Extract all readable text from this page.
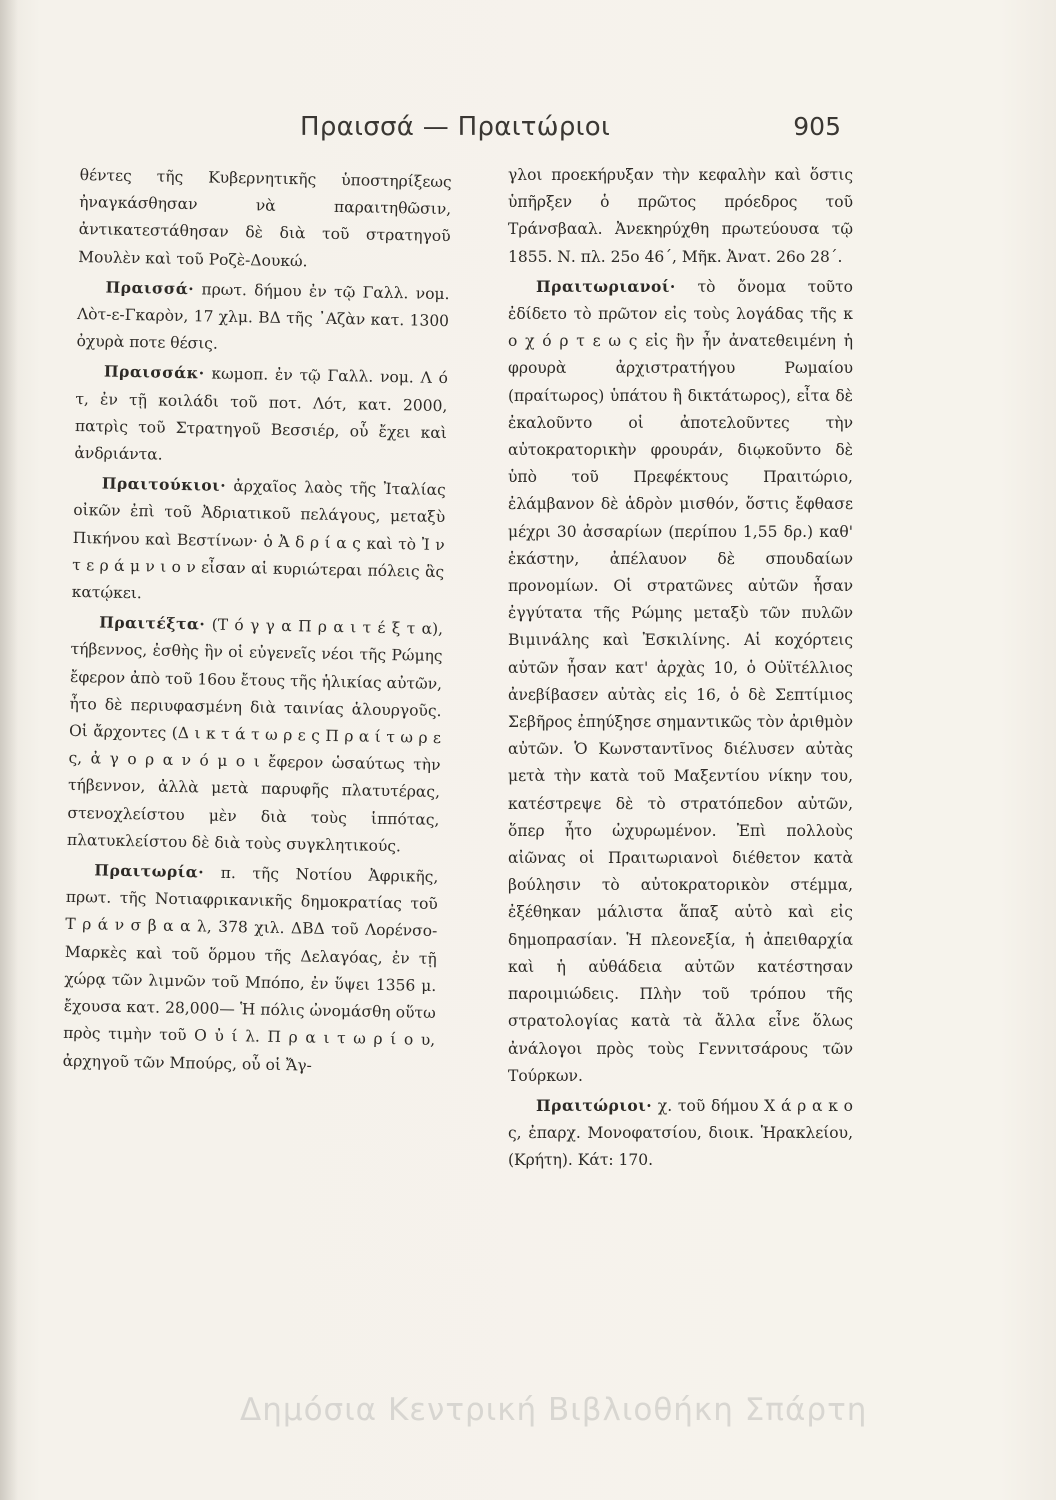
Πραισσά — Πραιτώριοι	905

θέντες τῆς Κυβερνητικῆς ὑποστηρίξεως ἠναγκάσθησαν νὰ παραιτηθῶσιν, ἀντικατεστάθησαν δὲ διὰ τοῦ στρατηγοῦ Μουλὲν καὶ τοῦ Ροζὲ-Δουκώ.

Πραισσά· πρωτ. δήμου ἐν τῷ Γαλλ. νομ. Λὸτ-ε-Γκαρὸν, 17 χλμ. ΒΔ τῆς ᾿Αζὰν κατ. 1300 ὀχυρὰ ποτε θέσις.

Πραισσάκ· κωμοπ. ἐν τῷ Γαλλ. νομ. Λ ό τ, ἐν τῇ κοιλάδι τοῦ ποτ. Λότ, κατ. 2000, πατρὶς τοῦ Στρατηγοῦ Βεσσιέρ, οὗ ἔχει καὶ ἀνδριάντα.

Πραιτούκιοι· ἀρχαῖος λαὸς τῆς Ἰταλίας οἰκῶν ἐπὶ τοῦ Ἀδριατικοῦ πελάγους, μεταξὺ Πικήνου καὶ Βεστίνων· ὁ Ἀ δ ρ ί α ς καὶ τὸ Ἰ ν τ ε ρ ά μ ν ι ο ν εἶσαν αἱ κυριώτεραι πόλεις ἃς κατῴκει.

Πραιτέξτα· (Τ ό γ γ α Π ρ α ι τ έ ξ τ α), τήβεννος, ἐσθὴς ἣν οἱ εὐγενεῖς νέοι τῆς Ρώμης ἔφερον ἀπὸ τοῦ 16ου ἔτους τῆς ἡλικίας αὐτῶν, ἦτο δὲ περιυφασμένη διὰ ταινίας ἁλουργοῦς. Οἱ ἄρχοντες (Δ ι κ τ ά τ ω ρ ε ς Π ρ α ί τ ω ρ ε ς, ἀ γ ο ρ α ν ό μ ο ι ἔφερον ὡσαύτως τὴν τήβεννον, ἀλλὰ μετὰ παρυφῆς πλατυτέρας, στενοχλείστου μὲν διὰ τοὺς ἱππότας, πλατυκλείστου δὲ διὰ τοὺς συγκλητικούς.

Πραιτωρία· π. τῆς Νοτίου Ἀφρικῆς, πρωτ. τῆς Νοτιαφρικανικῆς δημοκρατίας τοῦ Τ ρ ά ν σ β α α λ, 378 χιλ. ΔΒΔ τοῦ Λορένσο-Μαρκὲς καὶ τοῦ ὅρμου τῆς Δελαγόας, ἐν τῇ χώρᾳ τῶν λιμνῶν τοῦ Μπόπο, ἐν ὕψει 1356 μ. ἔχουσα κατ. 28,000— Ἡ πόλις ὠνομάσθη οὕτω πρὸς τιμὴν τοῦ Ο ὐ ί λ. Π ρ α ι τ ω ρ ί ο υ, ἀρχηγοῦ τῶν Μπούρς, οὗ οἱ Ἄγ-

γλοι προεκήρυξαν τὴν κεφαλὴν καὶ ὅστις ὑπῆρξεν ὁ πρῶτος πρόεδρος τοῦ Τράνσβααλ. Ἀνεκηρύχθη πρωτεύουσα τῷ 1855. Ν. πλ. 25ο 46΄, Μῆκ. Ἀνατ. 26ο 28΄.

Πραιτωριανοί· τὸ ὄνομα τοῦτο ἐδίδετο τὸ πρῶτον εἰς τοὺς λογάδας τῆς κ ο χ ό ρ τ ε ω ς εἰς ἣν ἦν ἀνατεθειμένη ἡ φρουρὰ ἀρχιστρατήγου Ρωμαίου (πραίτωρος) ὑπάτου ἢ δικτάτωρος), εἶτα δὲ ἐκαλοῦντο οἱ ἀποτελοῦντες τὴν αὐτοκρατορικὴν φρουράν, διῳκοῦντο δὲ ὑπὸ τοῦ Πρεφέκτους Πραιτώριο, ἐλάμβανον δὲ ἁδρὸν μισθόν, ὅστις ἔφθασε μέχρι 30 ἀσσαρίων (περίπου 1,55 δρ.) καθ' ἑκάστην, ἀπέλαυον δὲ σπουδαίων προνομίων. Οἱ στρατῶνες αὐτῶν ἦσαν ἐγγύτατα τῆς Ρώμης μεταξὺ τῶν πυλῶν Βιμινάλης καὶ Ἐσκιλίνης. Αἱ κοχόρτεις αὐτῶν ἦσαν κατ' ἀρχὰς 10, ὁ Οὐϊτέλλιος ἀνεβίβασεν αὐτὰς εἰς 16, ὁ δὲ Σεπτίμιος Σεβῆρος ἐπηύξησε σημαντικῶς τὸν ἀριθμὸν αὐτῶν. Ὁ Κωνσταντῖνος διέλυσεν αὐτὰς μετὰ τὴν κατὰ τοῦ Μαξεντίου νίκην του, κατέστρεψε δὲ τὸ στρατόπεδον αὐτῶν, ὅπερ ἦτο ὠχυρωμένον. Ἐπὶ πολλοὺς αἰῶνας οἱ Πραιτωριανοὶ διέθετον κατὰ βούλησιν τὸ αὐτοκρατορικὸν στέμμα, ἐξέθηκαν μάλιστα ἅπαξ αὐτὸ καὶ εἰς δημοπρασίαν. Ἡ πλεονεξία, ἡ ἀπειθαρχία καὶ ἡ αὐθάδεια αὐτῶν κατέστησαν παροιμιώδεις. Πλὴν τοῦ τρόπου τῆς στρατολογίας κατὰ τὰ ἄλλα εἶνε ὅλως ἀνάλογοι πρὸς τοὺς Γεννιτσάρους τῶν Τούρκων.

Πραιτώριοι· χ. τοῦ δήμου Χ ά ρ α κ ο ς, ἐπαρχ. Μονοφατσίου, διοικ. Ἡρακλείου, (Κρήτη). Κάτ: 170.

Δημόσια Κεντρική Βιβλιοθήκη Σπάρτη
